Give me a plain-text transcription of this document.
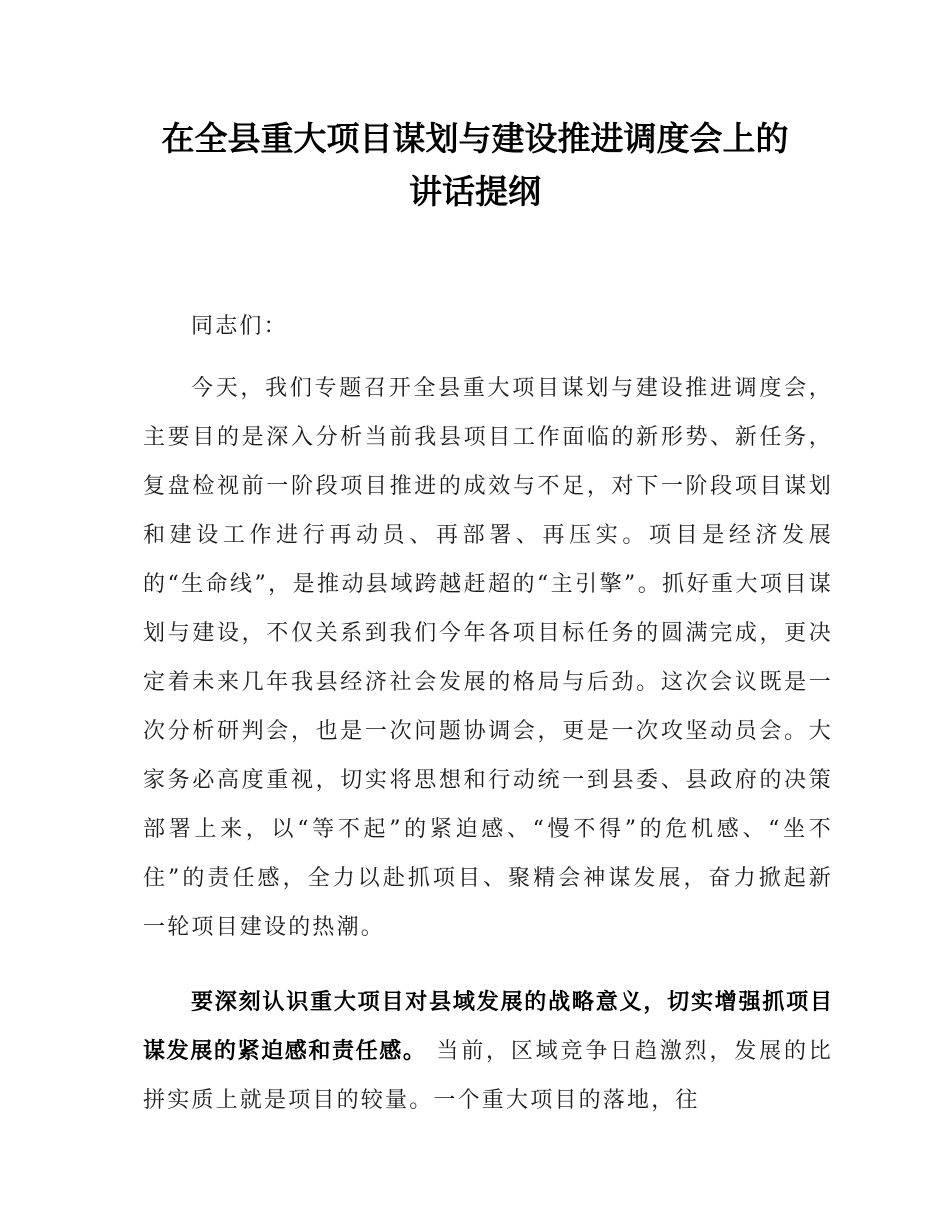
在全县重大项目谋划与建设推进调度会上的
讲话提纲
同志们：
今天，我们专题召开全县重大项目谋划与建设推进调度会，主要目的是深入分析当前我县项目工作面临的新形势、新任务，复盘检视前一阶段项目推进的成效与不足，对下一阶段项目谋划和建设工作进行再动员、再部署、再压实。项目是经济发展的“生命线”，是推动县域跨越赶超的“主引擎”。抓好重大项目谋划与建设，不仅关系到我们今年各项目标任务的圆满完成，更决定着未来几年我县经济社会发展的格局与后劲。这次会议既是一次分析研判会，也是一次问题协调会，更是一次攻坚动员会。大家务必高度重视，切实将思想和行动统一到县委、县政府的决策部署上来，以“等不起”的紧迫感、“慢不得”的危机感、“坐不住”的责任感，全力以赴抓项目、聚精会神谋发展，奋力掀起新一轮项目建设的热潮。
要深刻认识重大项目对县域发展的战略意义，切实增强抓项目谋发展的紧迫感和责任感。 当前，区域竞争日趋激烈，发展的比拼实质上就是项目的较量。一个重大项目的落地，往
